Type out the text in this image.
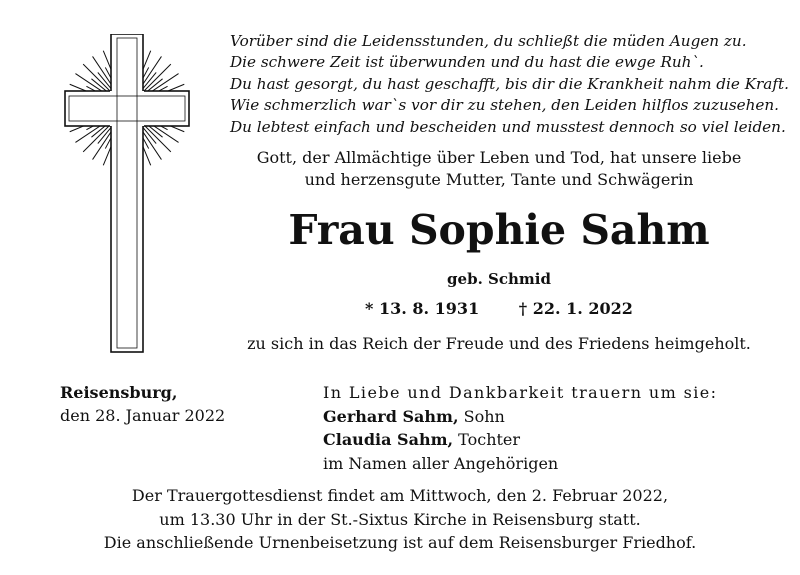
Vorüber sind die Leidensstunden, du schließt die müden Augen zu.
Die schwere Zeit ist überwunden und du hast die ewge Ruh`.
Du hast gesorgt, du hast geschafft, bis dir die Krankheit nahm die Kraft.
Wie schmerzlich war`s vor dir zu stehen, den Leiden hilflos zuzusehen.
Du lebtest einfach und bescheiden und musstest dennoch so viel leiden.
Gott, der Allmächtige über Leben und Tod, hat unsere liebe
und herzensgute Mutter, Tante und Schwägerin
Frau Sophie Sahm
geb. Schmid
* 13. 8. 1931 † 22. 1. 2022
zu sich in das Reich der Freude und des Friedens heimgeholt.
Reisensburg,
den 28. Januar 2022
In Liebe und Dankbarkeit trauern um sie:
Gerhard Sahm, Sohn
Claudia Sahm, Tochter
im Namen aller Angehörigen
Der Trauergottesdienst findet am Mittwoch, den 2. Februar 2022,
um 13.30 Uhr in der St.-Sixtus Kirche in Reisensburg statt.
Die anschließende Urnenbeisetzung ist auf dem Reisensburger Friedhof.
